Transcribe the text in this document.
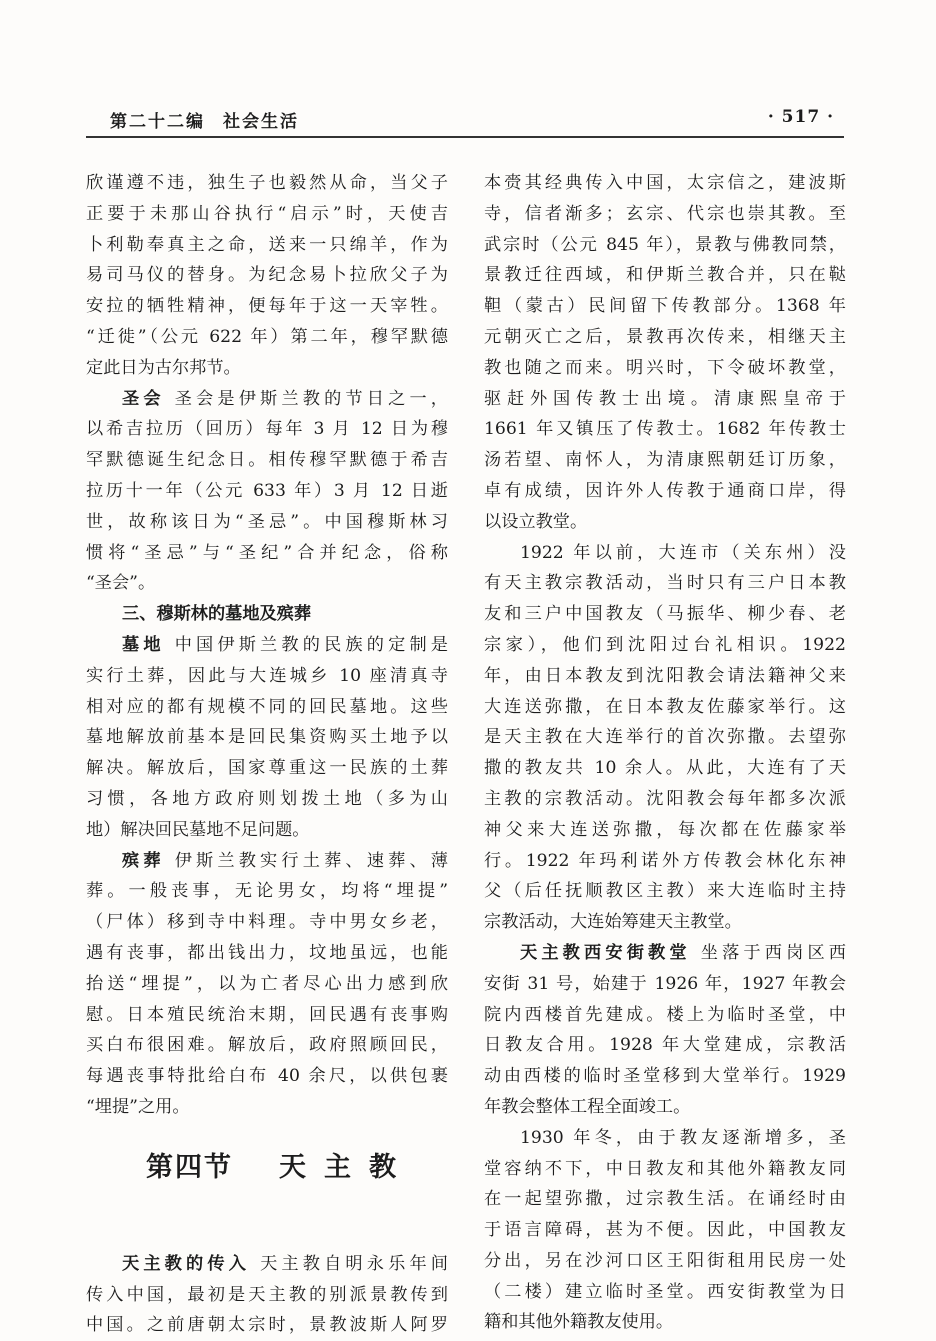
第二十二编 社会生活	· 517 ·
欣谨遵不违，独生子也毅然从命，当父子
正要于未那山谷执行“启示”时，天使吉
卜利勒奉真主之命，送来一只绵羊，作为
易司马仪的替身。为纪念易卜拉欣父子为
安拉的牺牲精神，便每年于这一天宰牲。
“迁徙”（公元 622 年）第二年，穆罕默德
定此日为古尔邦节。
圣会 圣会是伊斯兰教的节日之一，
以希吉拉历（回历）每年 3 月 12 日为穆
罕默德诞生纪念日。相传穆罕默德于希吉
拉历十一年（公元 633 年）3 月 12 日逝
世，故称该日为“圣忌”。中国穆斯林习
惯将“圣忌”与“圣纪”合并纪念，俗称
“圣会”。
三、穆斯林的墓地及殡葬
墓地 中国伊斯兰教的民族的定制是
实行土葬，因此与大连城乡 10 座清真寺
相对应的都有规模不同的回民墓地。这些
墓地解放前基本是回民集资购买土地予以
解决。解放后，国家尊重这一民族的土葬
习惯，各地方政府则划拨土地（多为山
地）解决回民墓地不足问题。
殡葬 伊斯兰教实行土葬、速葬、薄
葬。一般丧事，无论男女，均将“埋提”
（尸体）移到寺中料理。寺中男女乡老，
遇有丧事，都出钱出力，坟地虽远，也能
抬送“埋提”，以为亡者尽心出力感到欣
慰。日本殖民统治末期，回民遇有丧事购
买白布很困难。解放后，政府照顾回民，
每遇丧事特批给白布 40 余尺，以供包裹
“埋提”之用。
第四节 天主教
天主教的传入 天主教自明永乐年间
传入中国，最初是天主教的别派景教传到
中国。之前唐朝太宗时，景教波斯人阿罗
本赍其经典传入中国，太宗信之，建波斯
寺，信者渐多；玄宗、代宗也崇其教。至
武宗时（公元 845 年），景教与佛教同禁，
景教迁往西域，和伊斯兰教合并，只在鞑
靼（蒙古）民间留下传教部分。1368 年
元朝灭亡之后，景教再次传来，相继天主
教也随之而来。明兴时，下令破坏教堂，
驱赶外国传教士出境。清康熙皇帝于
1661 年又镇压了传教士。1682 年传教士
汤若望、南怀人，为清康熙朝廷订历象，
卓有成绩，因许外人传教于通商口岸，得
以设立教堂。
1922 年以前，大连市（关东州）没
有天主教宗教活动，当时只有三户日本教
友和三户中国教友（马振华、柳少春、老
宗家），他们到沈阳过台礼相识。1922
年，由日本教友到沈阳教会请法籍神父来
大连送弥撒，在日本教友佐藤家举行。这
是天主教在大连举行的首次弥撒。去望弥
撒的教友共 10 余人。从此，大连有了天
主教的宗教活动。沈阳教会每年都多次派
神父来大连送弥撒，每次都在佐藤家举
行。1922 年玛利诺外方传教会林化东神
父（后任抚顺教区主教）来大连临时主持
宗教活动，大连始筹建天主教堂。
天主教西安街教堂 坐落于西岗区西
安街 31 号，始建于 1926 年，1927 年教会
院内西楼首先建成。楼上为临时圣堂，中
日教友合用。1928 年大堂建成，宗教活
动由西楼的临时圣堂移到大堂举行。1929
年教会整体工程全面竣工。
1930 年冬，由于教友逐渐增多，圣
堂容纳不下，中日教友和其他外籍教友同
在一起望弥撒，过宗教生活。在诵经时由
于语言障碍，甚为不便。因此，中国教友
分出，另在沙河口区王阳街租用民房一处
（二楼）建立临时圣堂。西安街教堂为日
籍和其他外籍教友使用。
